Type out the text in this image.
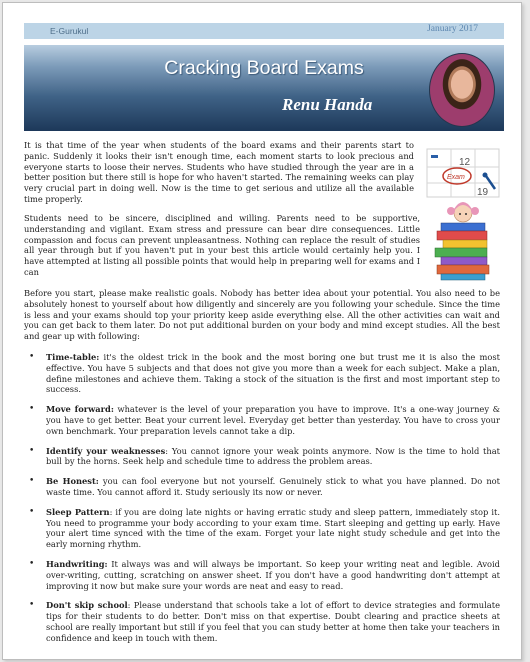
E-Gurukul	January 2017
Cracking Board Exams
Renu Handa

It is that time of the year when students of the board exams and their parents start to panic. Suddenly it looks their isn't enough time, each moment starts to look precious and everyone starts to loose their nerves. Students who have studied through the year are in a better position but there still is hope for who haven't started. The remaining weeks can play very crucial part in doing well. Now is the time to get serious and utilize all the available time properly.

12
19
Exam

Students need to be sincere, disciplined and willing. Parents need to be supportive, understanding and vigilant. Exam stress and pressure can bear dire consequences. Little compassion and focus can prevent unpleasantness. Nothing can replace the result of studies all year through but if you haven't put in your best this article would certainly help you. I have attempted at listing all possible points that would help in preparing well for exams and I can

Before you start, please make realistic goals. Nobody has better idea about your potential. You also need to be absolutely honest to yourself about how diligently and sincerely are you following your schedule. Since the time is less and your exams should top your priority keep aside everything else. All the other activities can wait and you can get back to them later. Do not put additional burden on your body and mind except studies. All the best and gear up with following:

• Time-table: it's the oldest trick in the book and the most boring one but trust me it is also the most effective. You have 5 subjects and that does not give you more than a week for each subject. Make a plan, define milestones and achieve them. Taking a stock of the situation is the first and most important step to success.
• Move forward: whatever is the level of your preparation you have to improve. It's a one-way journey & you have to get better. Beat your current level. Everyday get better than yesterday. You have to cross your own benchmark. Your preparation levels cannot take a dip.
• Identify your weaknesses: You cannot ignore your weak points anymore. Now is the time to hold that bull by the horns. Seek help and schedule time to address the problem areas.
• Be Honest: you can fool everyone but not yourself. Genuinely stick to what you have planned. Do not waste time. You cannot afford it. Study seriously its now or never.
• Sleep Pattern: if you are doing late nights or having erratic study and sleep pattern, immediately stop it. You need to programme your body according to your exam time. Start sleeping and getting up early. Have your alert time synced with the time of the exam. Forget your late night study schedule and get into the early morning rhythm.
• Handwriting: It always was and will always be important. So keep your writing neat and legible. Avoid over-writing, cutting, scratching on answer sheet. If you don't have a good handwriting don't attempt at improving it now but make sure your words are neat and easy to read.
• Don't skip school: Please understand that schools take a lot of effort to device strategies and formulate tips for their students to do better. Don't miss on that expertise. Doubt clearing and practice sheets at school are really important but still if you feel that you can study better at home then take your teachers in confidence and keep in touch with them.
